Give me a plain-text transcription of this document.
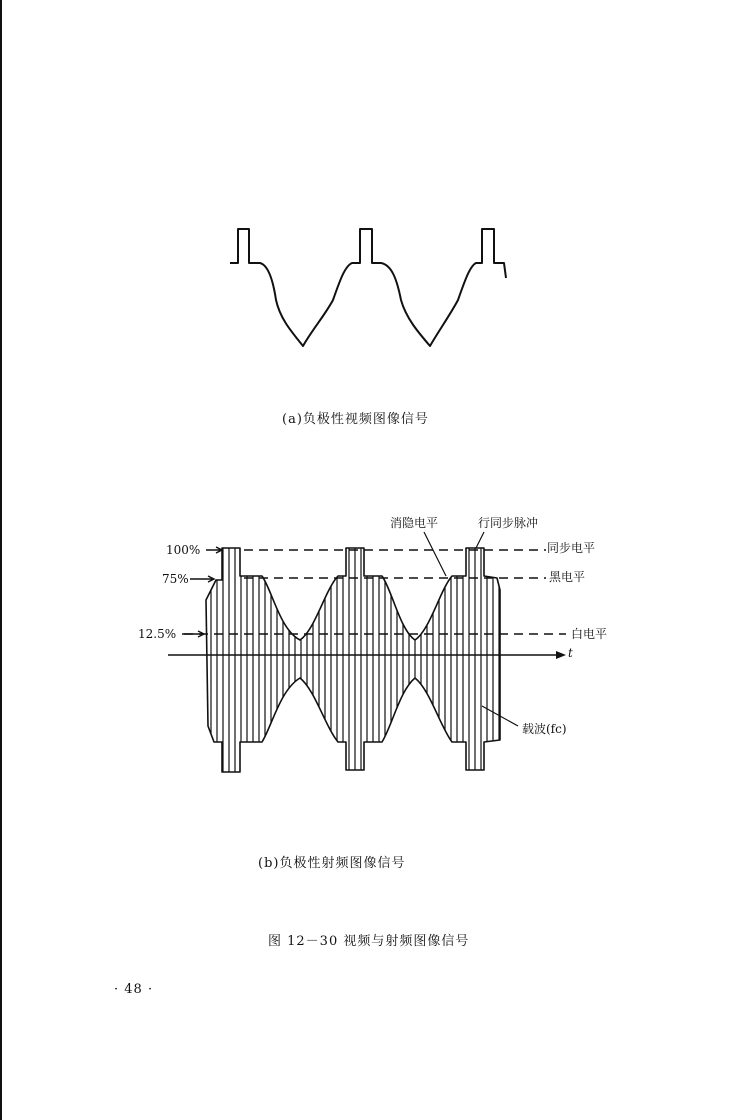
(a)负极性视频图像信号
100%
75%
12.5%
消隐电平	行同步脉冲
同步电平
黑电平
白电平
t
载波(fc)
(b)负极性射频图像信号
图 12－30 视频与射频图像信号
· 48 ·
